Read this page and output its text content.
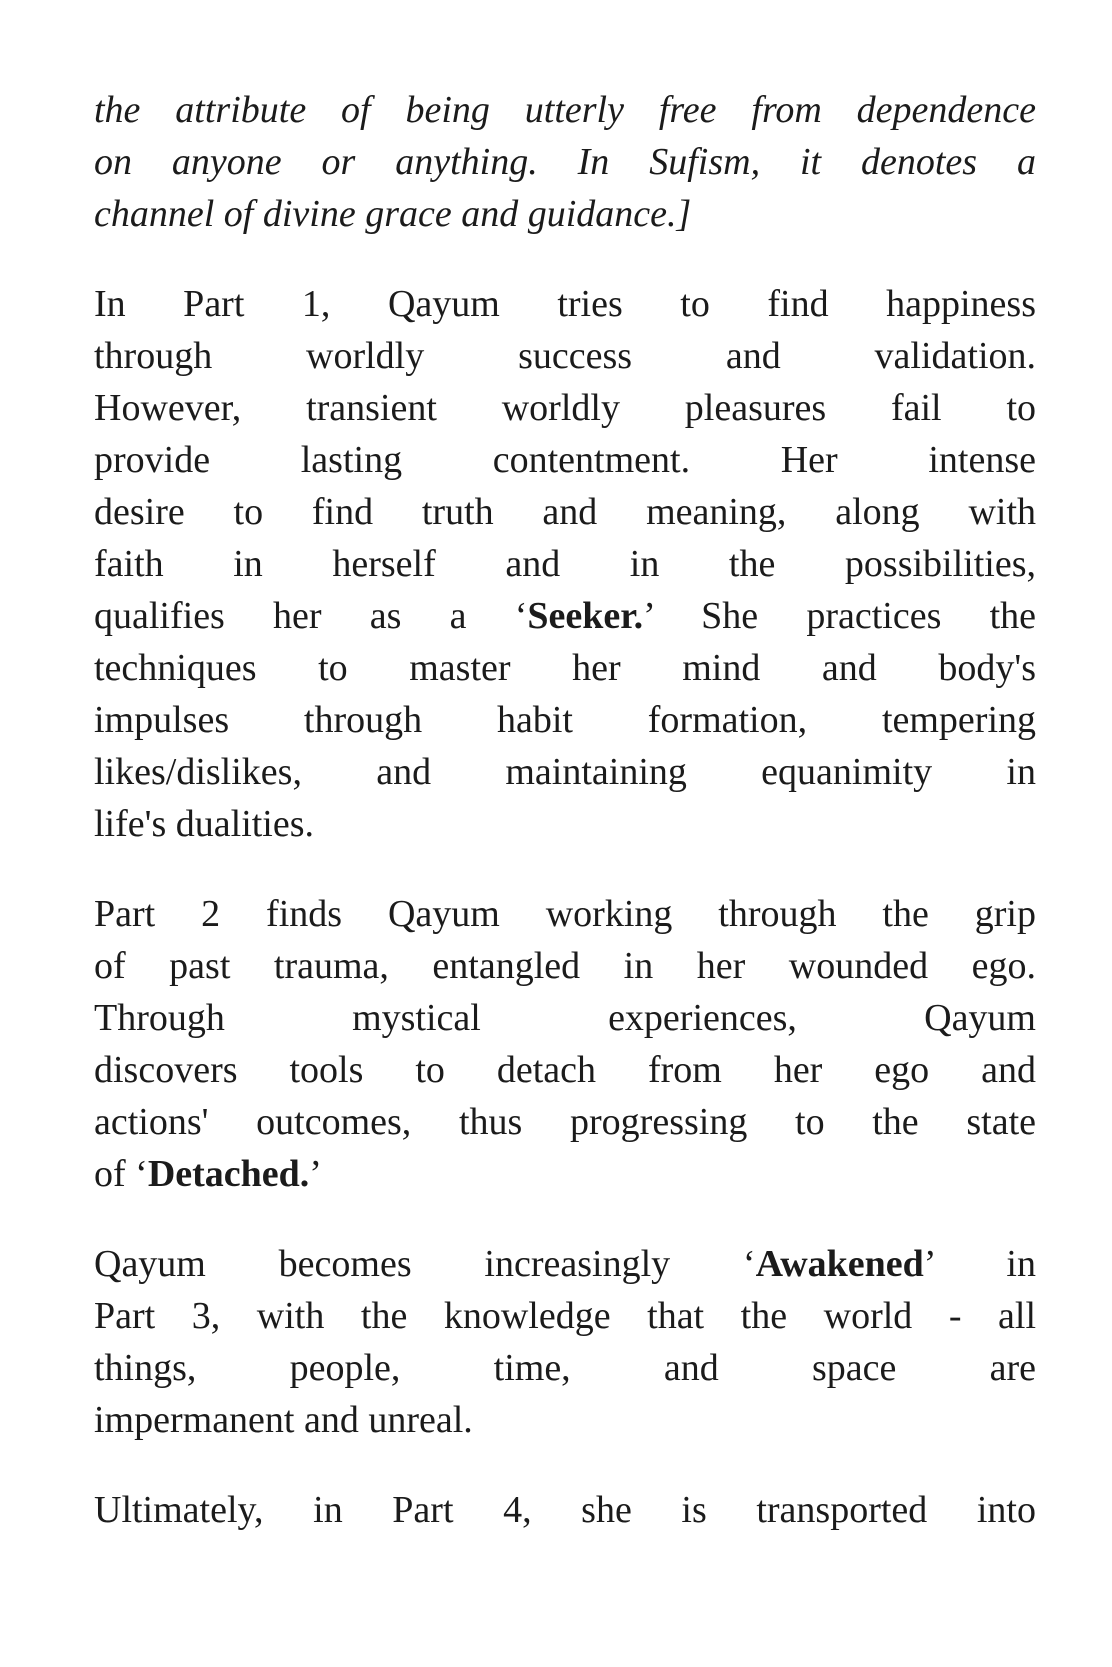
the attribute of being utterly free from dependence
on anyone or anything. In Sufism, it denotes a
channel of divine grace and guidance.]
In Part 1, Qayum tries to find happiness
through worldly success and validation.
However, transient worldly pleasures fail to
provide lasting contentment. Her intense
desire to find truth and meaning, along with
faith in herself and in the possibilities,
qualifies her as a ‘Seeker.’ She practices the
techniques to master her mind and body's
impulses through habit formation, tempering
likes/dislikes, and maintaining equanimity in
life's dualities.
Part 2 finds Qayum working through the grip
of past trauma, entangled in her wounded ego.
Through mystical experiences, Qayum
discovers tools to detach from her ego and
actions' outcomes, thus progressing to the state
of ‘Detached.’
Qayum becomes increasingly ‘Awakened’ in
Part 3, with the knowledge that the world - all
things, people, time, and space are
impermanent and unreal.
Ultimately, in Part 4, she is transported into
